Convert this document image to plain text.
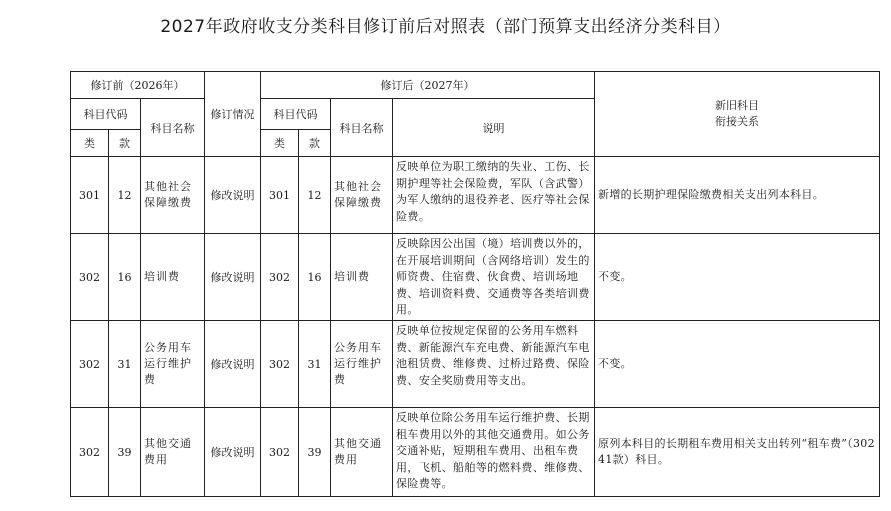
2027年政府收支分类科目修订前后对照表（部门预算支出经济分类科目）
修订前（2026年）			修订情况	修订后（2027年）				新旧科目
衔接关系

科目代码		科目名称		科目代码		科目名称	说明	
类	款			类	款			
301	12	其他社会保障缴费	修改说明	301	12	其他社会保障缴费	反映单位为职工缴纳的失业、工伤、长期护理等社会保险费，军队（含武警）为军人缴纳的退役养老、医疗等社会保险费。	新增的长期护理保险缴费相关支出列本科目。
302	16	培训费	修改说明	302	16	培训费	反映除因公出国（境）培训费以外的，在开展培训期间（含网络培训）发生的师资费、住宿费、伙食费、培训场地费、培训资料费、交通费等各类培训费用。	不变。
302	31	公务用车运行维护费	修改说明	302	31	公务用车运行维护费	反映单位按规定保留的公务用车燃料费、新能源汽车充电费、新能源汽车电池租赁费、维修费、过桥过路费、保险费、安全奖励费用等支出。	不变。
302	39	其他交通费用	修改说明	302	39	其他交通费用	反映单位除公务用车运行维护费、长期租车费用以外的其他交通费用。如公务交通补贴，短期租车费用、出租车费用，飞机、船舶等的燃料费、维修费、保险费等。	原列本科目的长期租车费用相关支出转列“租车费”（30241款）科目。
